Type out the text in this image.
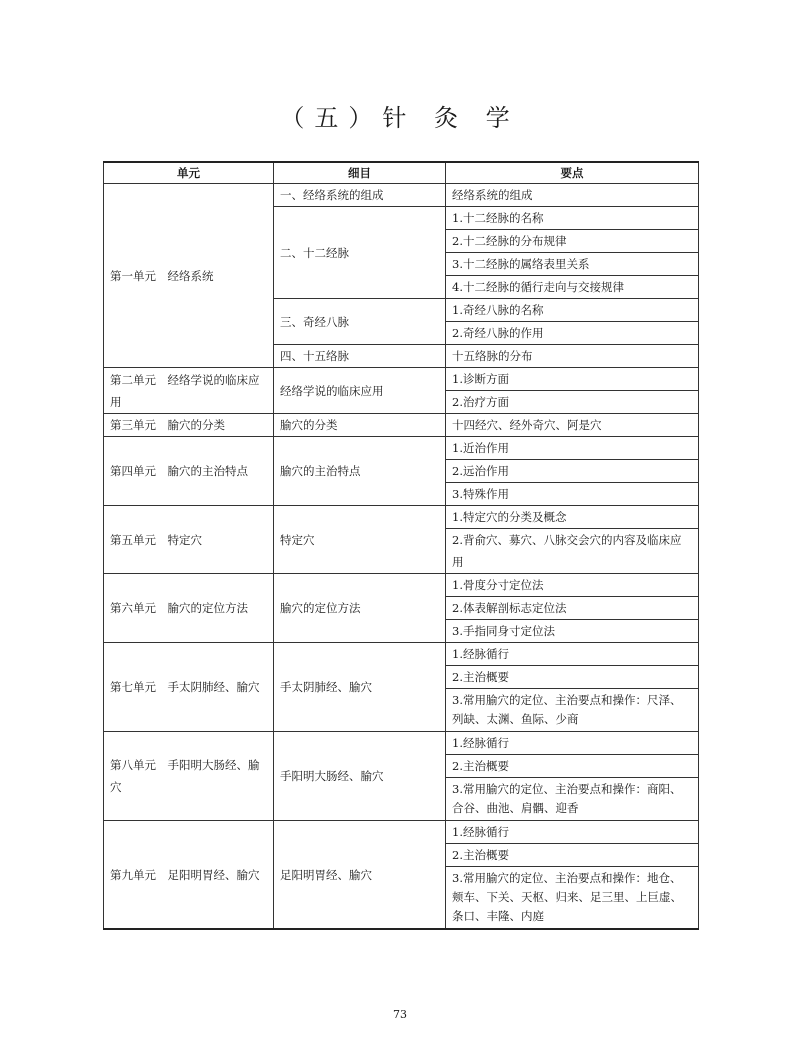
（五）针 灸 学
单元	细目	要点
第一单元　经络系统	一、经络系统的组成	经络系统的组成
	二、十二经脉	1.十二经脉的名称
		2.十二经脉的分布规律
		3.十二经脉的属络表里关系
		4.十二经脉的循行走向与交接规律
	三、奇经八脉	1.奇经八脉的名称
		2.奇经八脉的作用
	四、十五络脉	十五络脉的分布
第二单元　经络学说的临床应用	经络学说的临床应用	1.诊断方面
		2.治疗方面
第三单元　腧穴的分类	腧穴的分类	十四经穴、经外奇穴、阿是穴
第四单元　腧穴的主治特点	腧穴的主治特点	1.近治作用
		2.远治作用
		3.特殊作用
第五单元　特定穴	特定穴	1.特定穴的分类及概念
		2.背俞穴、募穴、八脉交会穴的内容及临床应用
第六单元　腧穴的定位方法	腧穴的定位方法	1.骨度分寸定位法
		2.体表解剖标志定位法
		3.手指同身寸定位法
第七单元　手太阴肺经、腧穴	手太阴肺经、腧穴	1.经脉循行
		2.主治概要
		3.常用腧穴的定位、主治要点和操作：尺泽、列缺、太渊、鱼际、少商
第八单元　手阳明大肠经、腧穴	手阳明大肠经、腧穴	1.经脉循行
		2.主治概要
		3.常用腧穴的定位、主治要点和操作：商阳、合谷、曲池、肩髃、迎香
第九单元　足阳明胃经、腧穴	足阳明胃经、腧穴	1.经脉循行
		2.主治概要
		3.常用腧穴的定位、主治要点和操作：地仓、颊车、下关、天枢、归来、足三里、上巨虚、条口、丰隆、内庭
73
